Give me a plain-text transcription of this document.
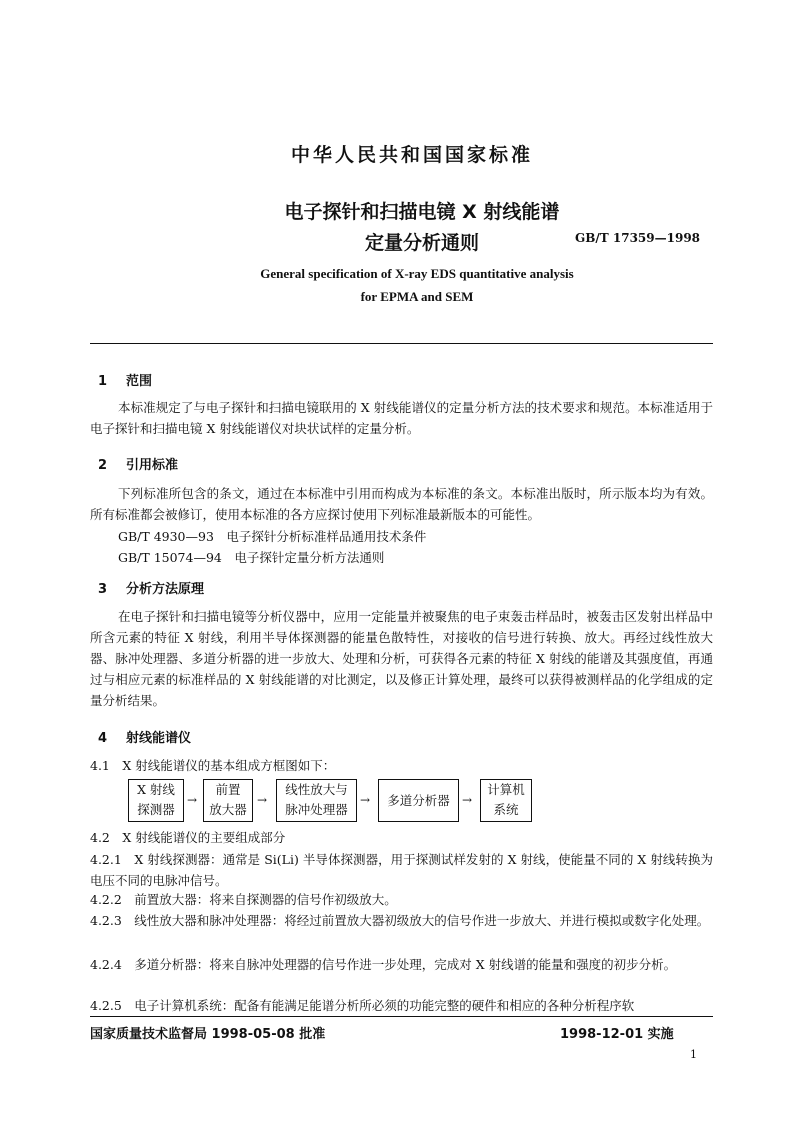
中华人民共和国国家标准
电子探针和扫描电镜 X 射线能谱
定量分析通则	GB/T 17359—1998
General specification of X-ray EDS quantitative analysis
for EPMA and SEM
1 范围

本标准规定了与电子探针和扫描电镜联用的 X 射线能谱仪的定量分析方法的技术要求和规范。本标准适用于电子探针和扫描电镜 X 射线能谱仪对块状试样的定量分析。

2 引用标准

下列标准所包含的条文，通过在本标准中引用而构成为本标准的条文。本标准出版时，所示版本均为有效。所有标准都会被修订，使用本标准的各方应探讨使用下列标准最新版本的可能性。

GB/T 4930—93　电子探针分析标准样品通用技术条件
GB/T 15074—94　电子探针定量分析方法通则
3 分析方法原理

在电子探针和扫描电镜等分析仪器中，应用一定能量并被聚焦的电子束轰击样品时，被轰击区发射出样品中所含元素的特征 X 射线，利用半导体探测器的能量色散特性，对接收的信号进行转换、放大。再经过线性放大器、脉冲处理器、多道分析器的进一步放大、处理和分析，可获得各元素的特征 X 射线的能谱及其强度值，再通过与相应元素的标准样品的 X 射线能谱的对比测定，以及修正计算处理，最终可以获得被测样品的化学组成的定量分析结果。

4 射线能谱仪
4.1　X 射线能谱仪的基本组成方框图如下：
X 射线
探测器
→
前置
放大器
→
线性放大与
脉冲处理器
→	多道分析器	→
计算机
系统
4.2　X 射线能谱仪的主要组成部分

4.2.1　X 射线探测器：通常是 Si(Li) 半导体探测器，用于探测试样发射的 X 射线，使能量不同的 X 射线转换为电压不同的电脉冲信号。

4.2.2　前置放大器：将来自探测器的信号作初级放大。

4.2.3　线性放大器和脉冲处理器：将经过前置放大器初级放大的信号作进一步放大、并进行模拟或数字化处理。

4.2.4　多道分析器：将来自脉冲处理器的信号作进一步处理，完成对 X 射线谱的能量和强度的初步分析。

4.2.5　电子计算机系统：配备有能满足能谱分析所必须的功能完整的硬件和相应的各种分析程序软
国家质量技术监督局 1998-05-08 批准	1998-12-01 实施
1
